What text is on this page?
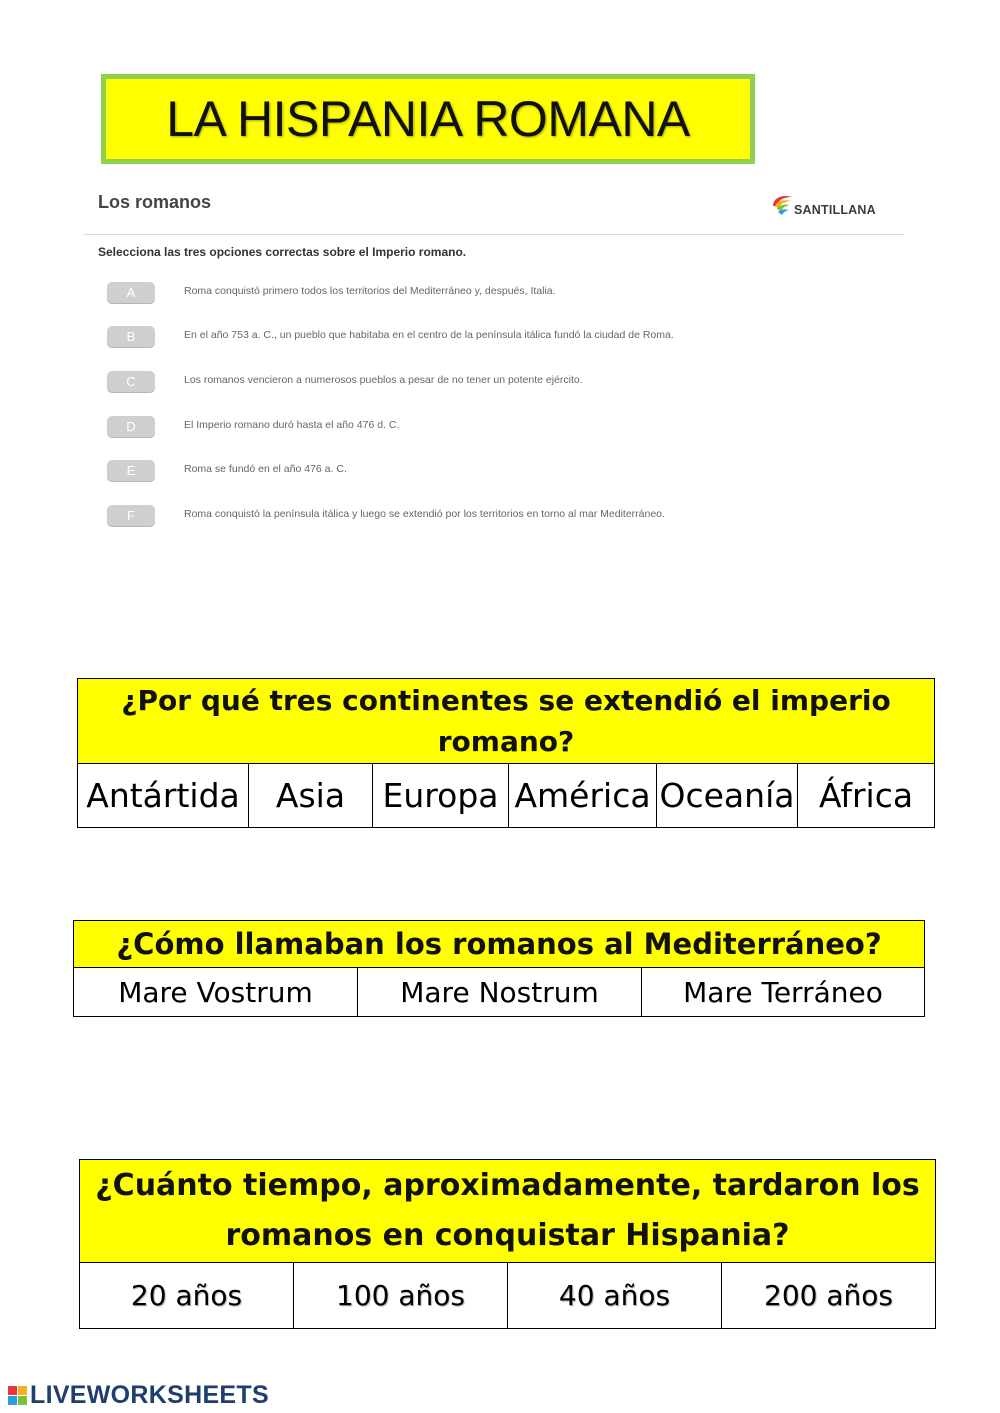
LA HISPANIA ROMANA
Los romanos	SANTILLANA
Selecciona las tres opciones correctas sobre el Imperio romano.
A	Roma conquistó primero todos los territorios del Mediterráneo y, después, Italia.
B	En el año 753 a. C., un pueblo que habitaba en el centro de la península itálica fundó la ciudad de Roma.
C	Los romanos vencieron a numerosos pueblos a pesar de no tener un potente ejército.
D	El Imperio romano duró hasta el año 476 d. C.
E	Roma se fundó en el año 476 a. C.
F	Roma conquistó la península itálica y luego se extendió por los territorios en torno al mar Mediterráneo.
¿Por qué tres continentes se extendió el imperio romano?
Antártida	Asia	Europa	América	Oceanía	África
¿Cómo llamaban los romanos al Mediterráneo?
Mare Vostrum	Mare Nostrum	Mare Terráneo
¿Cuánto tiempo, aproximadamente, tardaron los romanos en conquistar Hispania?
20 años	100 años	40 años	200 años
LIVEWORKSHEETS
